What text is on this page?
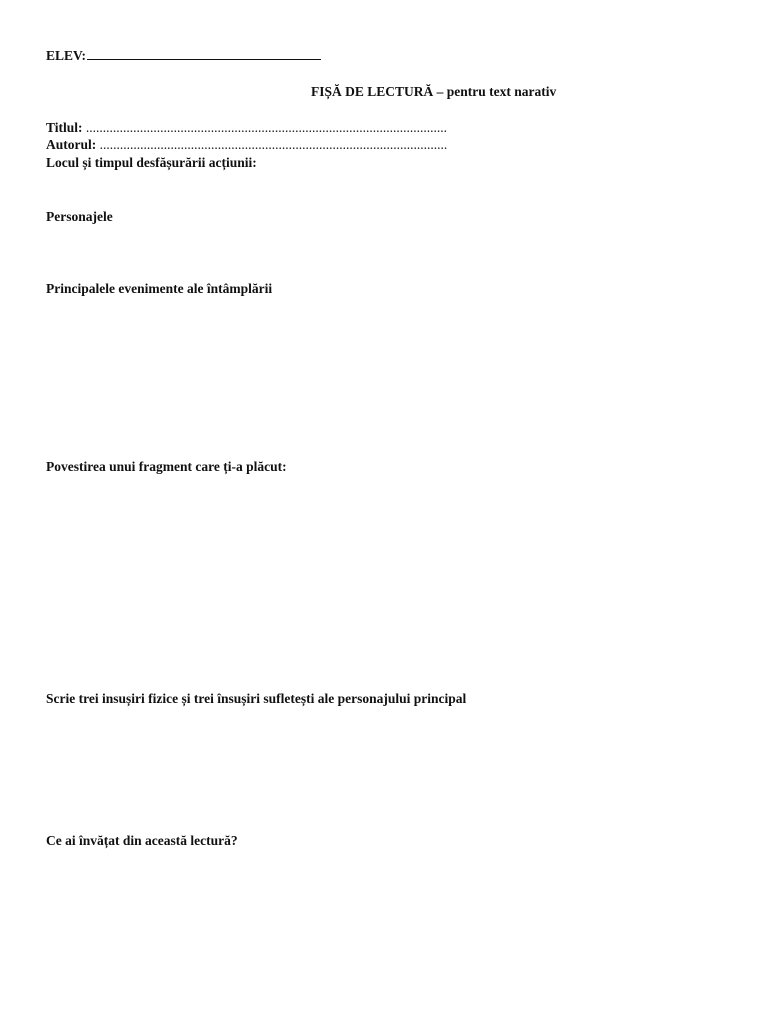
ELEV:
FIȘĂ DE LECTURĂ – pentru text narativ
Titlul: ...........................................................................................................
Autorul: .......................................................................................................
Locul și timpul desfășurării acțiunii:
Personajele
Principalele evenimente ale întâmplării
Povestirea unui fragment care ți-a plăcut:
Scrie trei insușiri fizice și trei însușiri sufletești ale personajului principal
Ce ai învățat din această lectură?
